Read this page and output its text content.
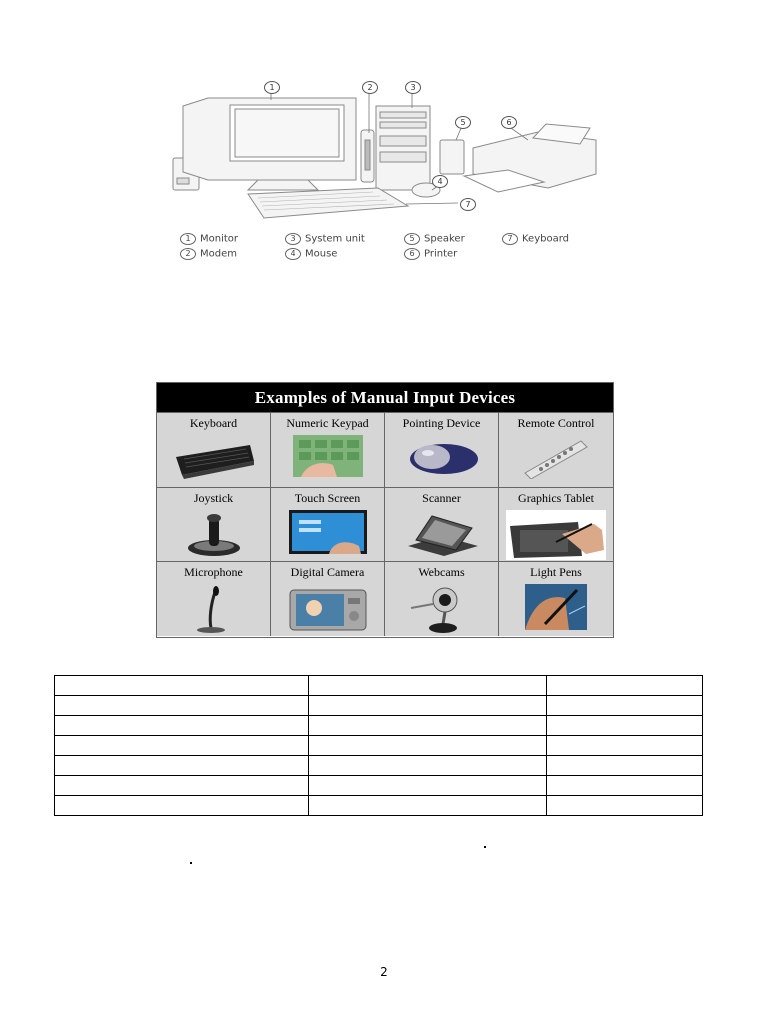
1	2	3
5	6
4
7
1 Monitor
2 Modem
3 System unit
4 Mouse
5 Speaker
6 Printer
7 Keyboard
Examples of Manual Input Devices
Keyboard	Numeric Keypad	Pointing Device	Remote Control
Joystick	Touch Screen	Scanner	Graphics Tablet
Microphone	Digital Camera	Webcams	Light Pens

2
